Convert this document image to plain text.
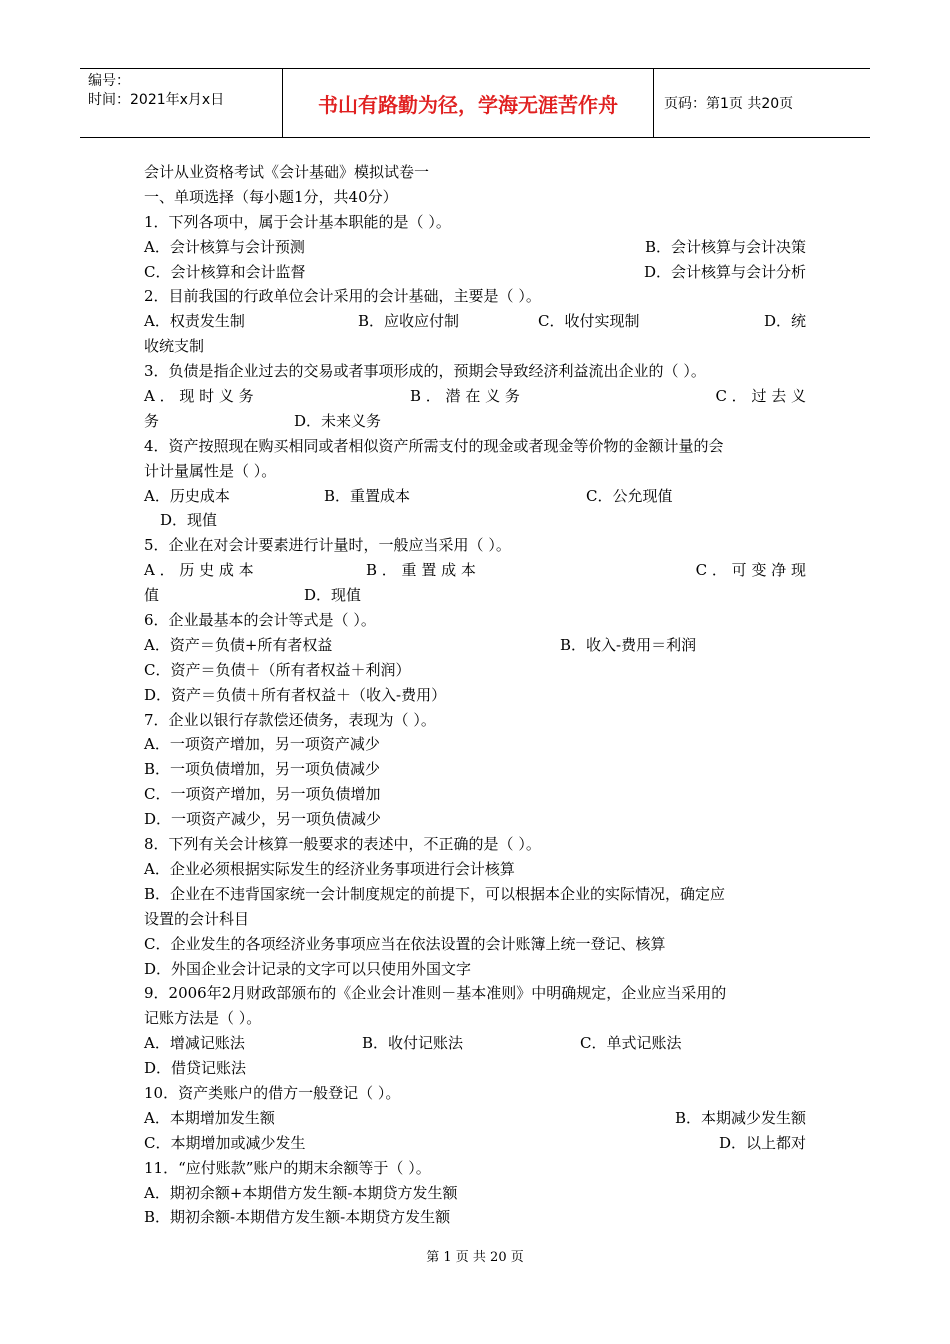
编号：
时间：2021年x月x日	书山有路勤为径，学海无涯苦作舟	页码：第1页 共20页
会计从业资格考试《会计基础》模拟试卷一
一、单项选择（每小题1分，共40分）
1．下列各项中，属于会计基本职能的是（ ）。
A．会计核算与会计预测	B．会计核算与会计决策
C．会计核算和会计监督	D．会计核算与会计分析
2．目前我国的行政单位会计采用的会计基础，主要是（ ）。
A．权责发生制	B．应收应付制	C．收付实现制	D．统
收统支制
3．负债是指企业过去的交易或者事项形成的，预期会导致经济利益流出企业的（ ）。
A ． 现 时 义 务	B ． 潜 在 义 务	C ． 过 去 义
务	D．未来义务
4．资产按照现在购买相同或者相似资产所需支付的现金或者现金等价物的金额计量的会
计计量属性是（ ）。
A．历史成本	B．重置成本	C．公允现值
D．现值
5．企业在对会计要素进行计量时，一般应当采用（ ）。
A ． 历 史 成 本	B ． 重 置 成 本	C ． 可 变 净 现
值	D．现值
6．企业最基本的会计等式是（ ）。
A．资产＝负债+所有者权益	B．收入-费用＝利润
C．资产＝负债＋（所有者权益＋利润）
D．资产＝负债＋所有者权益＋（收入-费用）
7．企业以银行存款偿还债务，表现为（ ）。
A．一项资产增加，另一项资产减少
B．一项负债增加，另一项负债减少
C．一项资产增加，另一项负债增加
D．一项资产减少，另一项负债减少
8．下列有关会计核算一般要求的表述中，不正确的是（ ）。
A．企业必须根据实际发生的经济业务事项进行会计核算
B．企业在不违背国家统一会计制度规定的前提下，可以根据本企业的实际情况，确定应
设置的会计科目
C．企业发生的各项经济业务事项应当在依法设置的会计账簿上统一登记、核算
D．外国企业会计记录的文字可以只使用外国文字
9．2006年2月财政部颁布的《企业会计准则－基本准则》中明确规定，企业应当采用的
记账方法是（ ）。
A．增减记账法	B．收付记账法	C．单式记账法
D．借贷记账法
10．资产类账户的借方一般登记（ ）。
A．本期增加发生额	B．本期减少发生额
C．本期增加或减少发生	D．以上都对
11．“应付账款”账户的期末余额等于（ ）。
A．期初余额+本期借方发生额-本期贷方发生额
B．期初余额-本期借方发生额-本期贷方发生额
第 1 页 共 20 页
